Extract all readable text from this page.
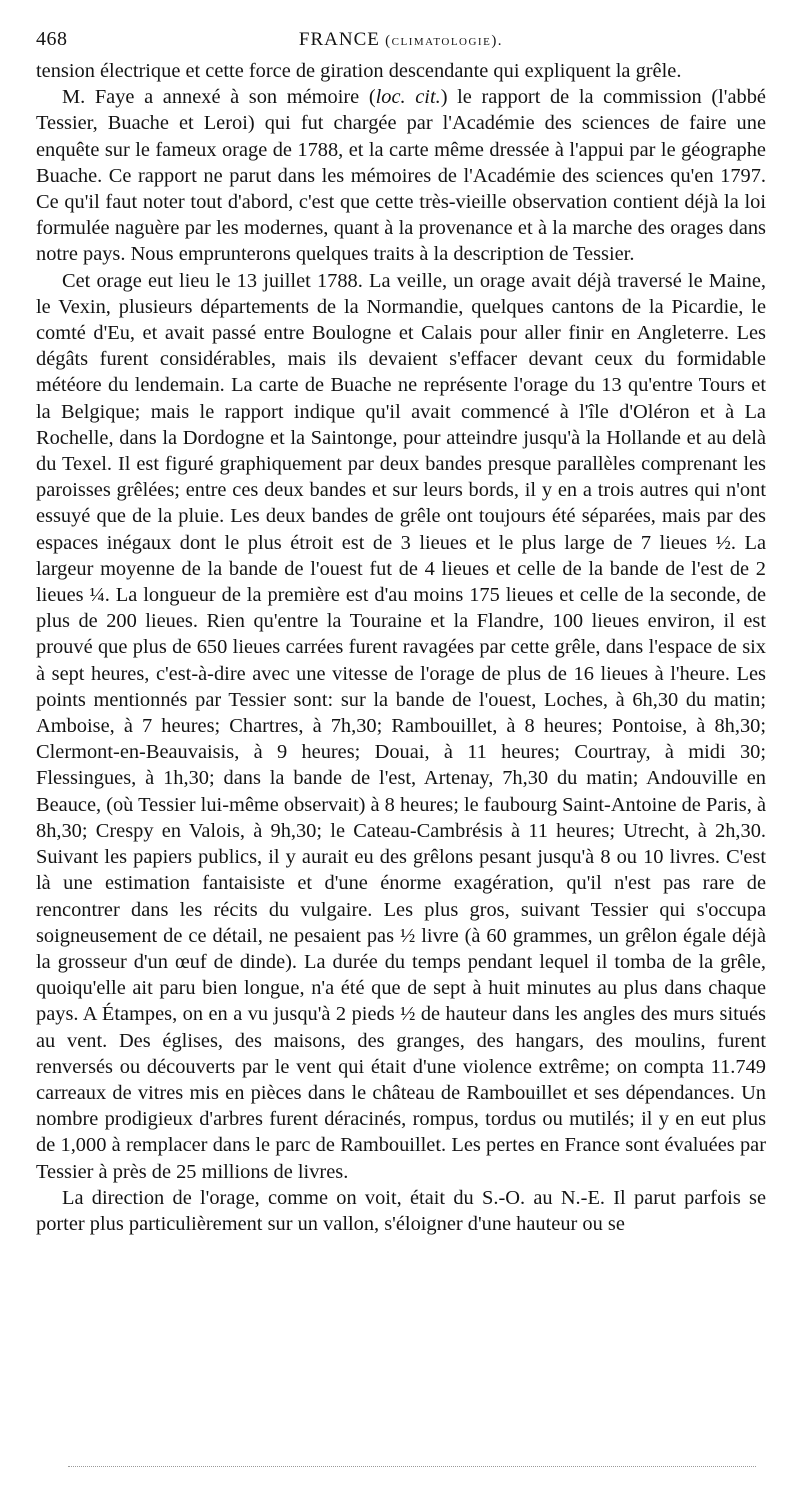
468	FRANCE (climatologie).

tension électrique et cette force de giration descendante qui expliquent la grêle.

M. Faye a annexé à son mémoire (loc. cit.) le rapport de la commission (l'abbé Tessier, Buache et Leroi) qui fut chargée par l'Académie des sciences de faire une enquête sur le fameux orage de 1788, et la carte même dressée à l'appui par le géographe Buache. Ce rapport ne parut dans les mémoires de l'Académie des sciences qu'en 1797. Ce qu'il faut noter tout d'abord, c'est que cette très-vieille observation contient déjà la loi formulée naguère par les modernes, quant à la provenance et à la marche des orages dans notre pays. Nous emprunterons quelques traits à la description de Tessier.

Cet orage eut lieu le 13 juillet 1788. La veille, un orage avait déjà traversé le Maine, le Vexin, plusieurs départements de la Normandie, quelques cantons de la Picardie, le comté d'Eu, et avait passé entre Boulogne et Calais pour aller finir en Angleterre. Les dégâts furent considérables, mais ils devaient s'effacer devant ceux du formidable météore du lendemain. La carte de Buache ne représente l'orage du 13 qu'entre Tours et la Belgique; mais le rapport indique qu'il avait commencé à l'île d'Oléron et à La Rochelle, dans la Dordogne et la Saintonge, pour atteindre jusqu'à la Hollande et au delà du Texel. Il est figuré graphiquement par deux bandes presque parallèles comprenant les paroisses grêlées; entre ces deux bandes et sur leurs bords, il y en a trois autres qui n'ont essuyé que de la pluie. Les deux bandes de grêle ont toujours été séparées, mais par des espaces inégaux dont le plus étroit est de 3 lieues et le plus large de 7 lieues ½. La largeur moyenne de la bande de l'ouest fut de 4 lieues et celle de la bande de l'est de 2 lieues ¼. La longueur de la première est d'au moins 175 lieues et celle de la seconde, de plus de 200 lieues. Rien qu'entre la Touraine et la Flandre, 100 lieues environ, il est prouvé que plus de 650 lieues carrées furent ravagées par cette grêle, dans l'espace de six à sept heures, c'est-à-dire avec une vitesse de l'orage de plus de 16 lieues à l'heure. Les points mentionnés par Tessier sont: sur la bande de l'ouest, Loches, à 6h,30 du matin; Amboise, à 7 heures; Chartres, à 7h,30; Rambouillet, à 8 heures; Pontoise, à 8h,30; Clermont-en-Beauvaisis, à 9 heures; Douai, à 11 heures; Courtray, à midi 30; Flessingues, à 1h,30; dans la bande de l'est, Artenay, 7h,30 du matin; Andouville en Beauce, (où Tessier lui-même observait) à 8 heures; le faubourg Saint-Antoine de Paris, à 8h,30; Crespy en Valois, à 9h,30; le Cateau-Cambrésis à 11 heures; Utrecht, à 2h,30. Suivant les papiers publics, il y aurait eu des grêlons pesant jusqu'à 8 ou 10 livres. C'est là une estimation fantaisiste et d'une énorme exagération, qu'il n'est pas rare de rencontrer dans les récits du vulgaire. Les plus gros, suivant Tessier qui s'occupa soigneusement de ce détail, ne pesaient pas ½ livre (à 60 grammes, un grêlon égale déjà la grosseur d'un œuf de dinde). La durée du temps pendant lequel il tomba de la grêle, quoiqu'elle ait paru bien longue, n'a été que de sept à huit minutes au plus dans chaque pays. A Étampes, on en a vu jusqu'à 2 pieds ½ de hauteur dans les angles des murs situés au vent. Des églises, des maisons, des granges, des hangars, des moulins, furent renversés ou découverts par le vent qui était d'une violence extrême; on compta 11.749 carreaux de vitres mis en pièces dans le château de Rambouillet et ses dépendances. Un nombre prodigieux d'arbres furent déracinés, rompus, tordus ou mutilés; il y en eut plus de 1,000 à remplacer dans le parc de Rambouillet. Les pertes en France sont évaluées par Tessier à près de 25 millions de livres.

La direction de l'orage, comme on voit, était du S.-O. au N.-E. Il parut parfois se porter plus particulièrement sur un vallon, s'éloigner d'une hauteur ou se
